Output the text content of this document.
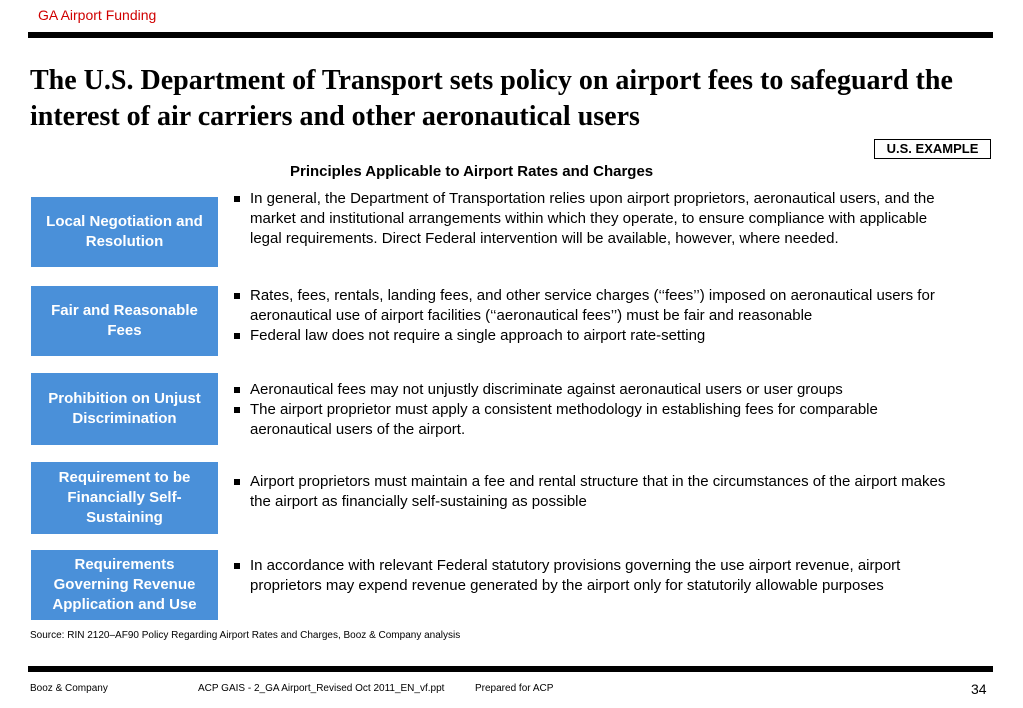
GA Airport Funding
The U.S. Department of Transport sets policy on airport fees to safeguard the interest of air carriers and other aeronautical users
U.S. EXAMPLE
Principles Applicable to Airport Rates and Charges
Local Negotiation and Resolution
In general, the Department of Transportation relies upon airport proprietors, aeronautical users, and the market and institutional arrangements within which they operate, to ensure compliance with applicable legal requirements. Direct Federal intervention will be available, however, where needed.
Fair and Reasonable Fees
Rates, fees, rentals, landing fees, and other service charges (‘‘fees’’) imposed on aeronautical users for aeronautical use of airport facilities (‘‘aeronautical fees’’) must be fair and reasonable
Federal law does not require a single approach to airport rate-setting
Prohibition on Unjust Discrimination
Aeronautical fees may not unjustly discriminate against aeronautical users or user groups
The airport proprietor must apply a consistent methodology in establishing fees for comparable aeronautical users of the airport.
Requirement to be Financially Self-Sustaining
Airport proprietors must maintain a fee and rental structure that in the circumstances of the airport makes the airport as financially self-sustaining as possible
Requirements Governing Revenue Application and Use
In accordance with relevant Federal statutory provisions governing the use airport revenue, airport proprietors may expend revenue generated by the airport only for statutorily allowable purposes
Source: RIN 2120–AF90 Policy Regarding Airport Rates and Charges, Booz & Company analysis
Booz & Company	ACP GAIS - 2_GA Airport_Revised Oct 2011_EN_vf.ppt	Prepared for ACP	34
